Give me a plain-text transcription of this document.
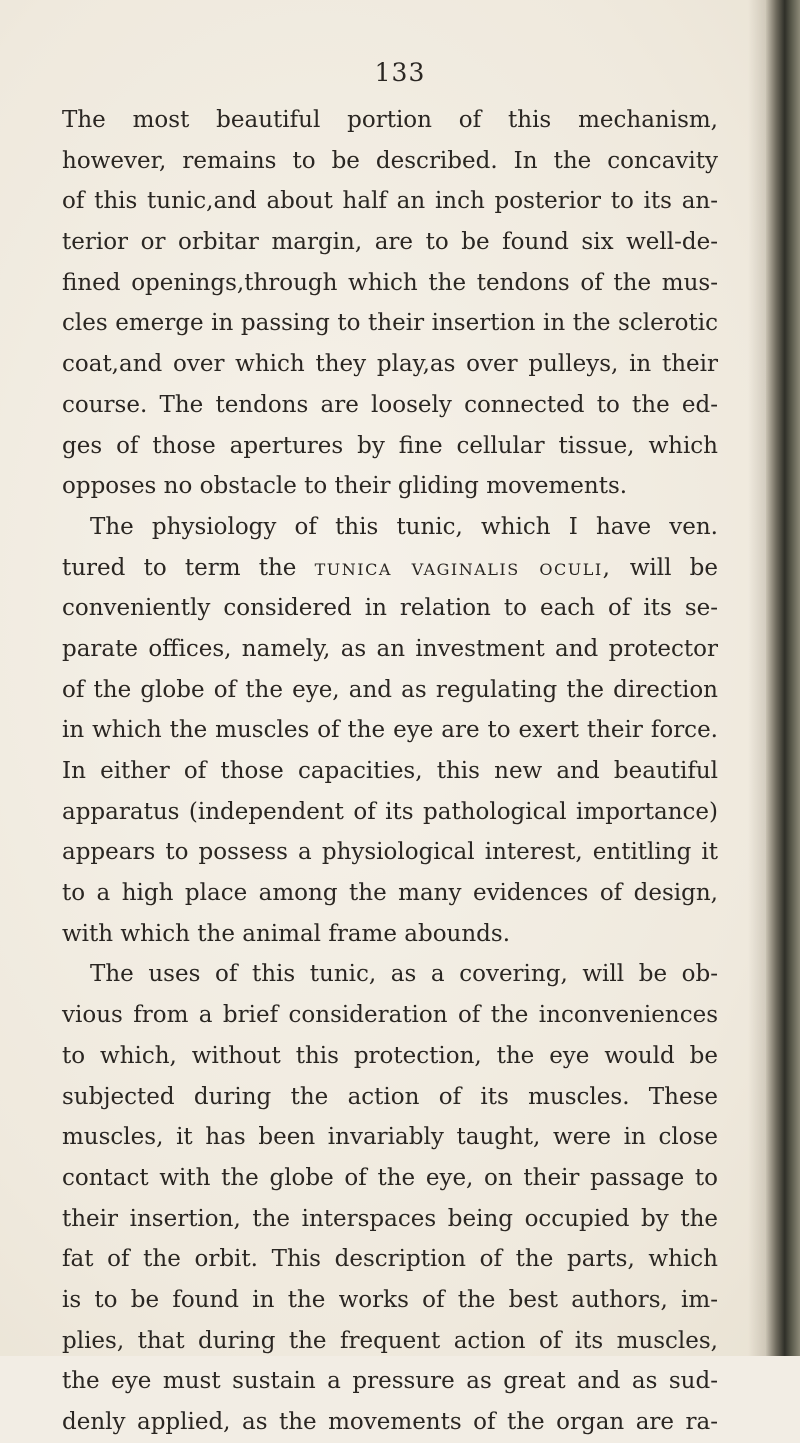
133
The most beautiful portion of this mechanism,
however, remains to be described. In the concavity
of this tunic,and about half an inch posterior to its an-
terior or orbitar margin, are to be found six well-de-
fined openings,through which the tendons of the mus-
cles emerge in passing to their insertion in the sclerotic
coat,and over which they play,as over pulleys, in their
course. The tendons are loosely connected to the ed-
ges of those apertures by fine cellular tissue, which
opposes no obstacle to their gliding movements.
The physiology of this tunic, which I have ven.
tured to term the tunica vaginalis oculi, will be
conveniently considered in relation to each of its se-
parate offices, namely, as an investment and protector
of the globe of the eye, and as regulating the direction
in which the muscles of the eye are to exert their force.
In either of those capacities, this new and beautiful
apparatus (independent of its pathological importance)
appears to possess a physiological interest, entitling it
to a high place among the many evidences of design,
with which the animal frame abounds.
The uses of this tunic, as a covering, will be ob-
vious from a brief consideration of the inconveniences
to which, without this protection, the eye would be
subjected during the action of its muscles. These
muscles, it has been invariably taught, were in close
contact with the globe of the eye, on their passage to
their insertion, the interspaces being occupied by the
fat of the orbit. This description of the parts, which
is to be found in the works of the best authors, im-
plies, that during the frequent action of its muscles,
the eye must sustain a pressure as great and as sud-
denly applied, as the movements of the organ are ra-
